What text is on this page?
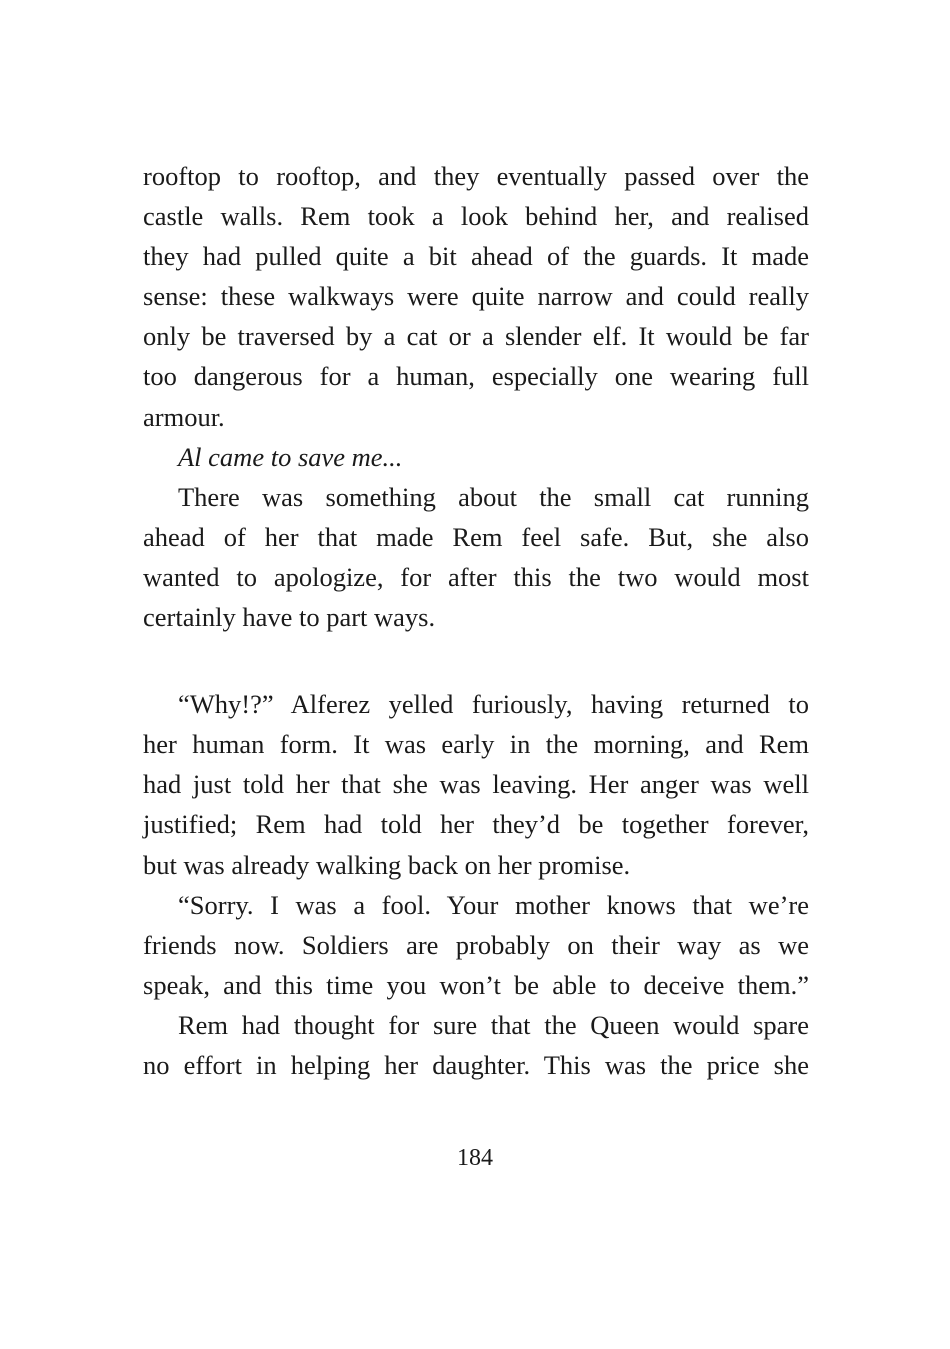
rooftop to rooftop, and they eventually passed over the
castle walls. Rem took a look behind her, and realised
they had pulled quite a bit ahead of the guards. It made
sense: these walkways were quite narrow and could really
only be traversed by a cat or a slender elf. It would be far
too dangerous for a human, especially one wearing full
armour.
Al came to save me...
There was something about the small cat running
ahead of her that made Rem feel safe. But, she also
wanted to apologize, for after this the two would most
certainly have to part ways.
“Why!?” Alferez yelled furiously, having returned to
her human form. It was early in the morning, and Rem
had just told her that she was leaving. Her anger was well
justified; Rem had told her they’d be together forever,
but was already walking back on her promise.
“Sorry. I was a fool. Your mother knows that we’re
friends now. Soldiers are probably on their way as we
speak, and this time you won’t be able to deceive them.”
Rem had thought for sure that the Queen would spare
no effort in helping her daughter. This was the price she
184
